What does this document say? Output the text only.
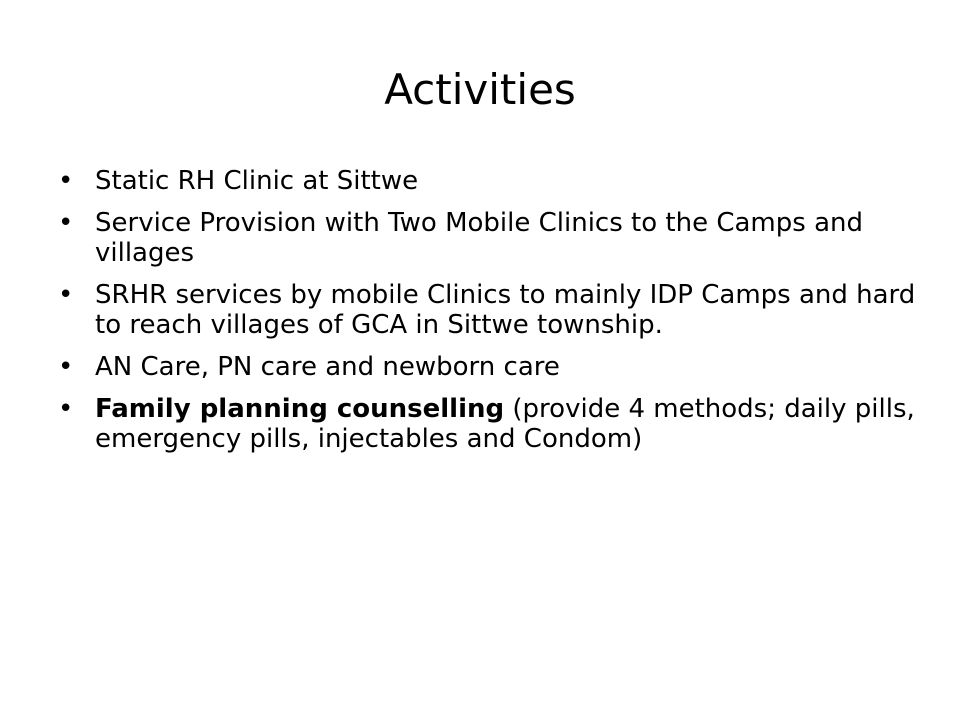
Activities
• Static RH Clinic at Sittwe
• Service Provision with Two Mobile Clinics to the Camps and villages
• SRHR services by mobile Clinics to mainly IDP Camps and hard to reach villages of GCA in Sittwe township.
• AN Care, PN care and newborn care
• Family planning counselling (provide 4 methods; daily pills, emergency pills, injectables and Condom)
